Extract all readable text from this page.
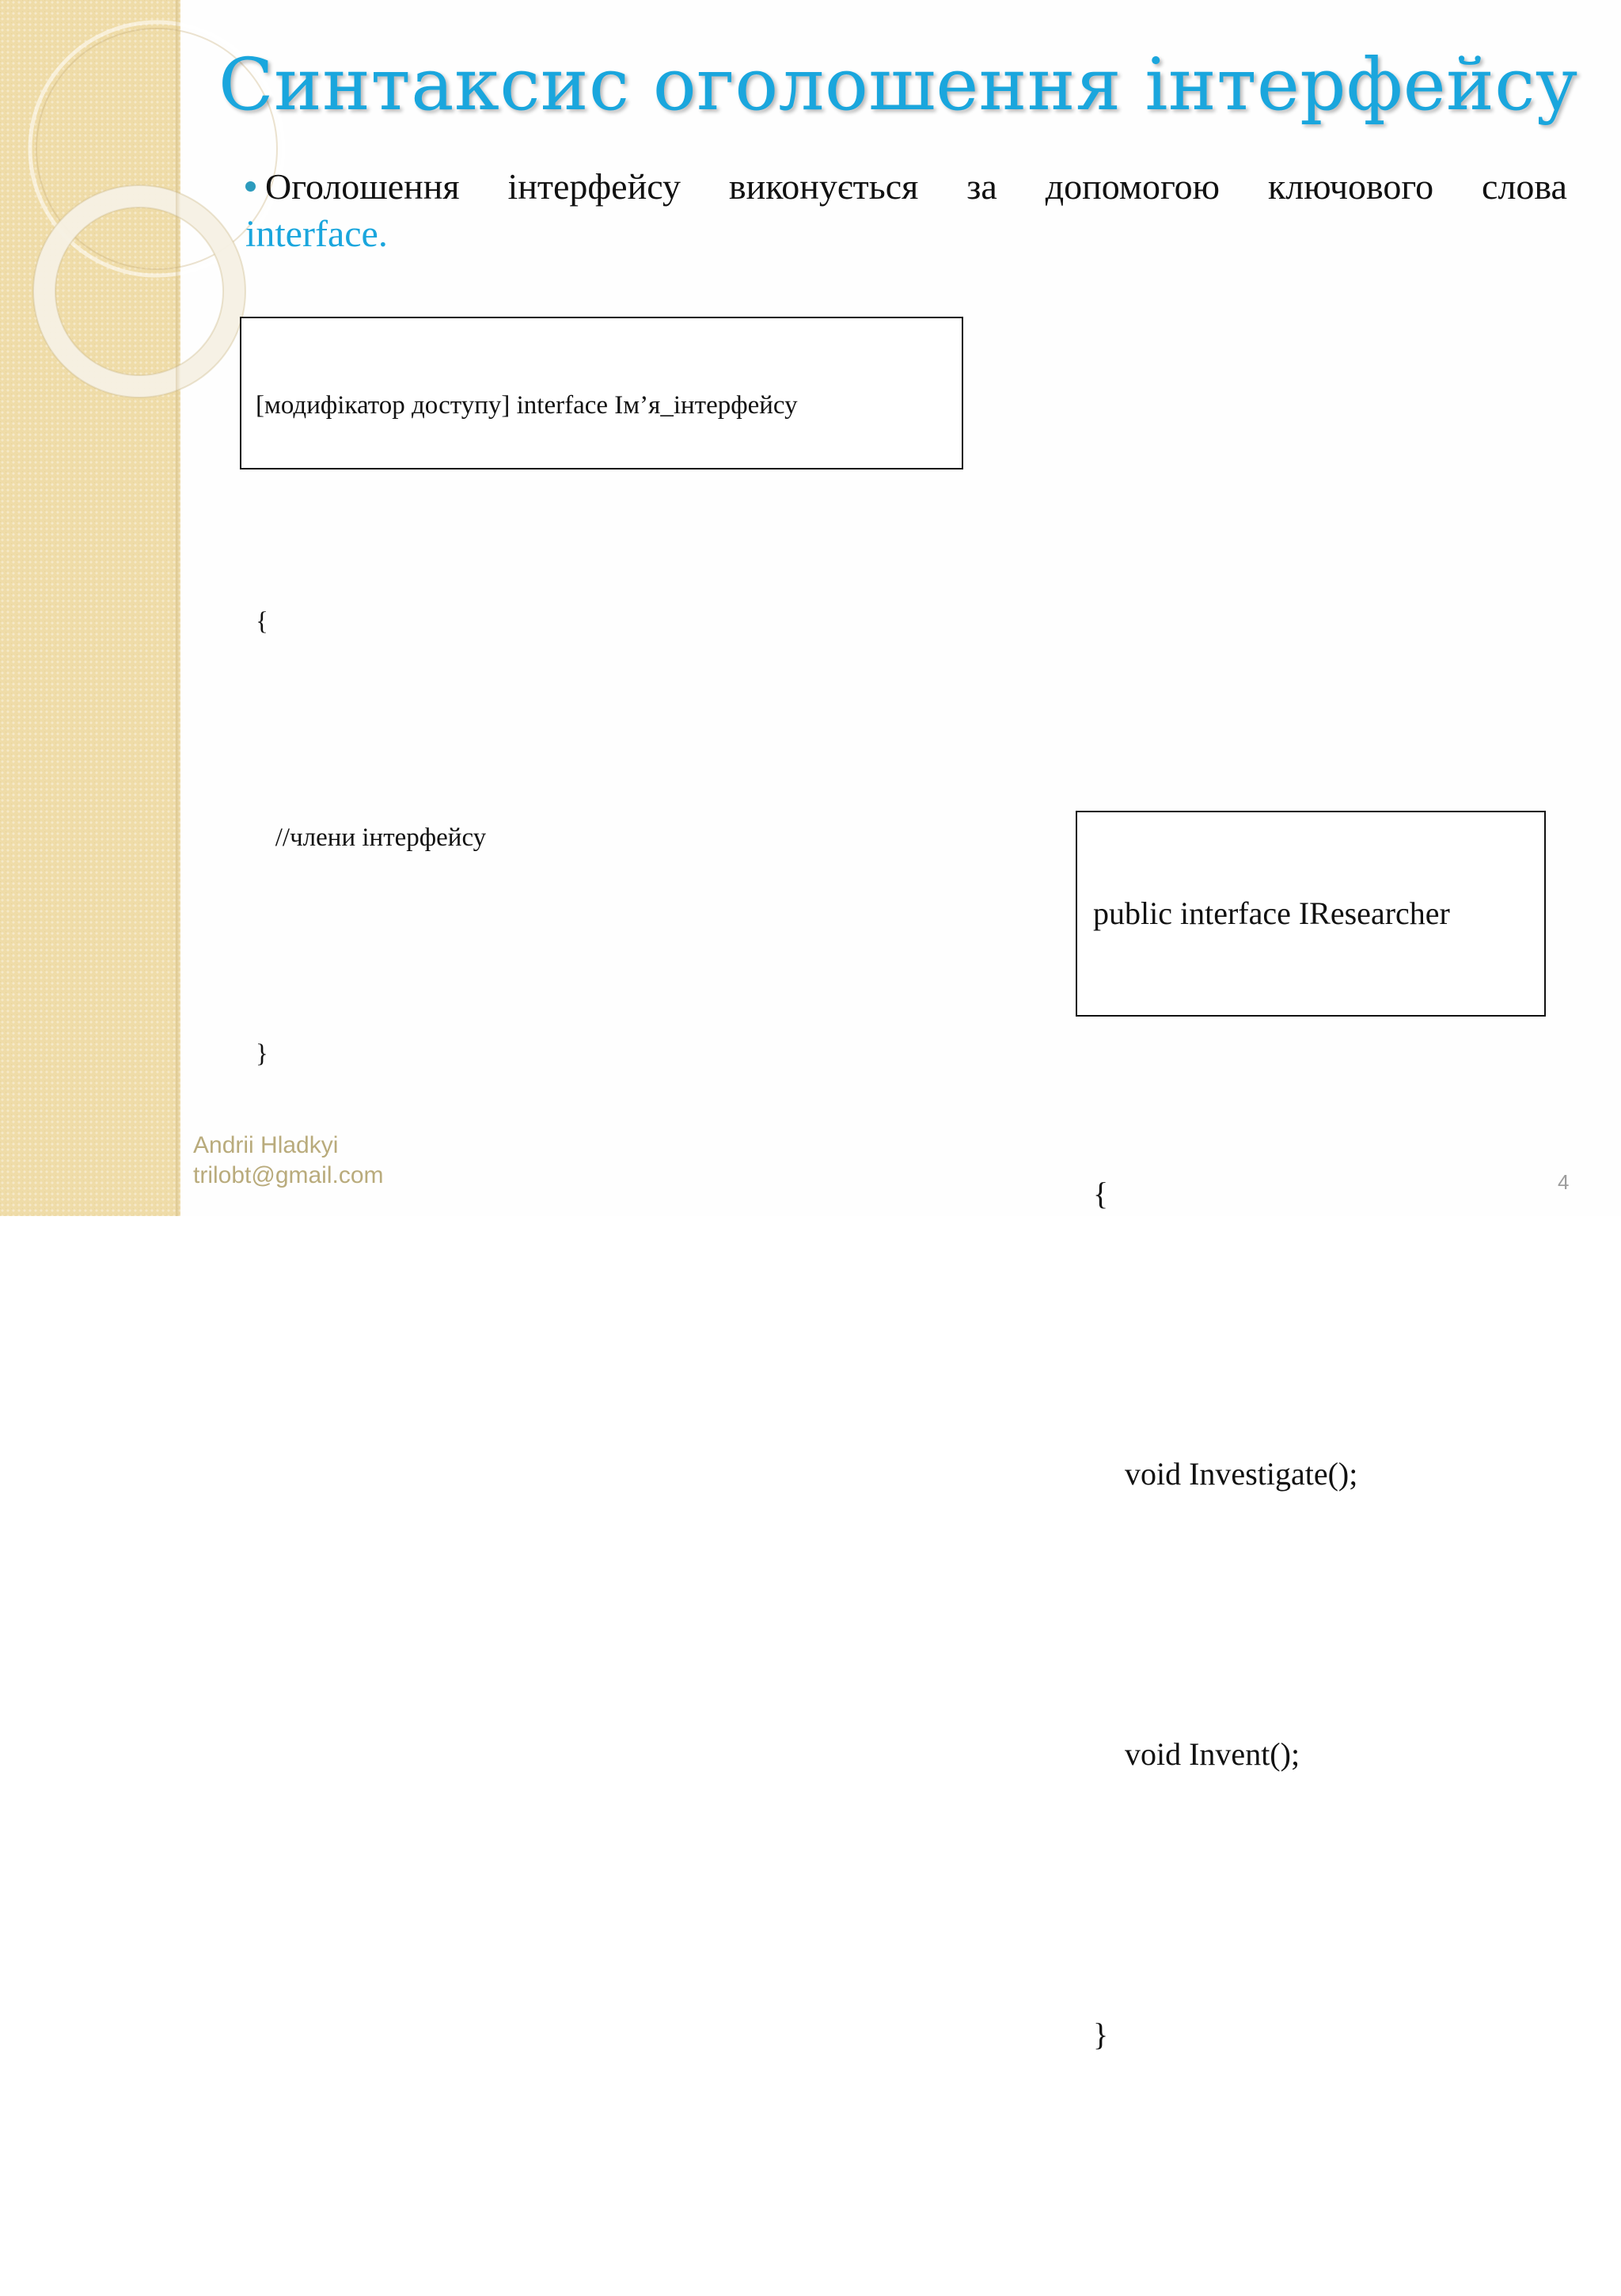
Синтаксис оголошення інтерфейсу
Оголошення інтерфейсу виконується за допомогою ключового слова
interface.

[модифікатор доступу] interface Ім’я_інтерфейсу

{

//члени інтерфейсу

}

public interface IResearcher

{

void Investigate();

void Invent();

}

Andrii Hladkyi
trilobt@gmail.com	4
